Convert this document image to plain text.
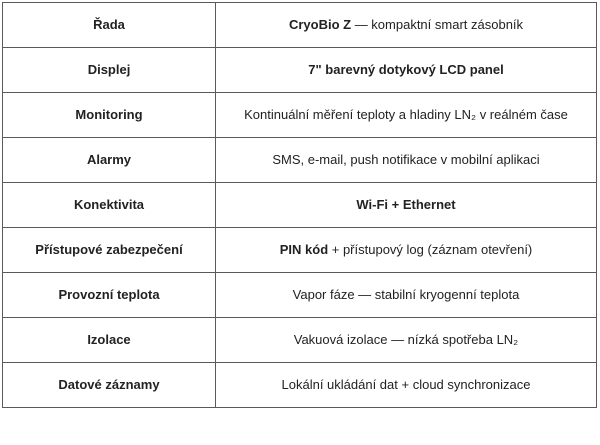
Řada	CryoBio Z — kompaktní smart zásobník
Displej	7" barevný dotykový LCD panel
Monitoring	Kontinuální měření teploty a hladiny LN₂ v reálném čase
Alarmy	SMS, e-mail, push notifikace v mobilní aplikaci
Konektivita	Wi-Fi + Ethernet
Přístupové zabezpečení	PIN kód + přístupový log (záznam otevření)
Provozní teplota	Vapor fáze — stabilní kryogenní teplota
Izolace	Vakuová izolace — nízká spotřeba LN₂
Datové záznamy	Lokální ukládání dat + cloud synchronizace
